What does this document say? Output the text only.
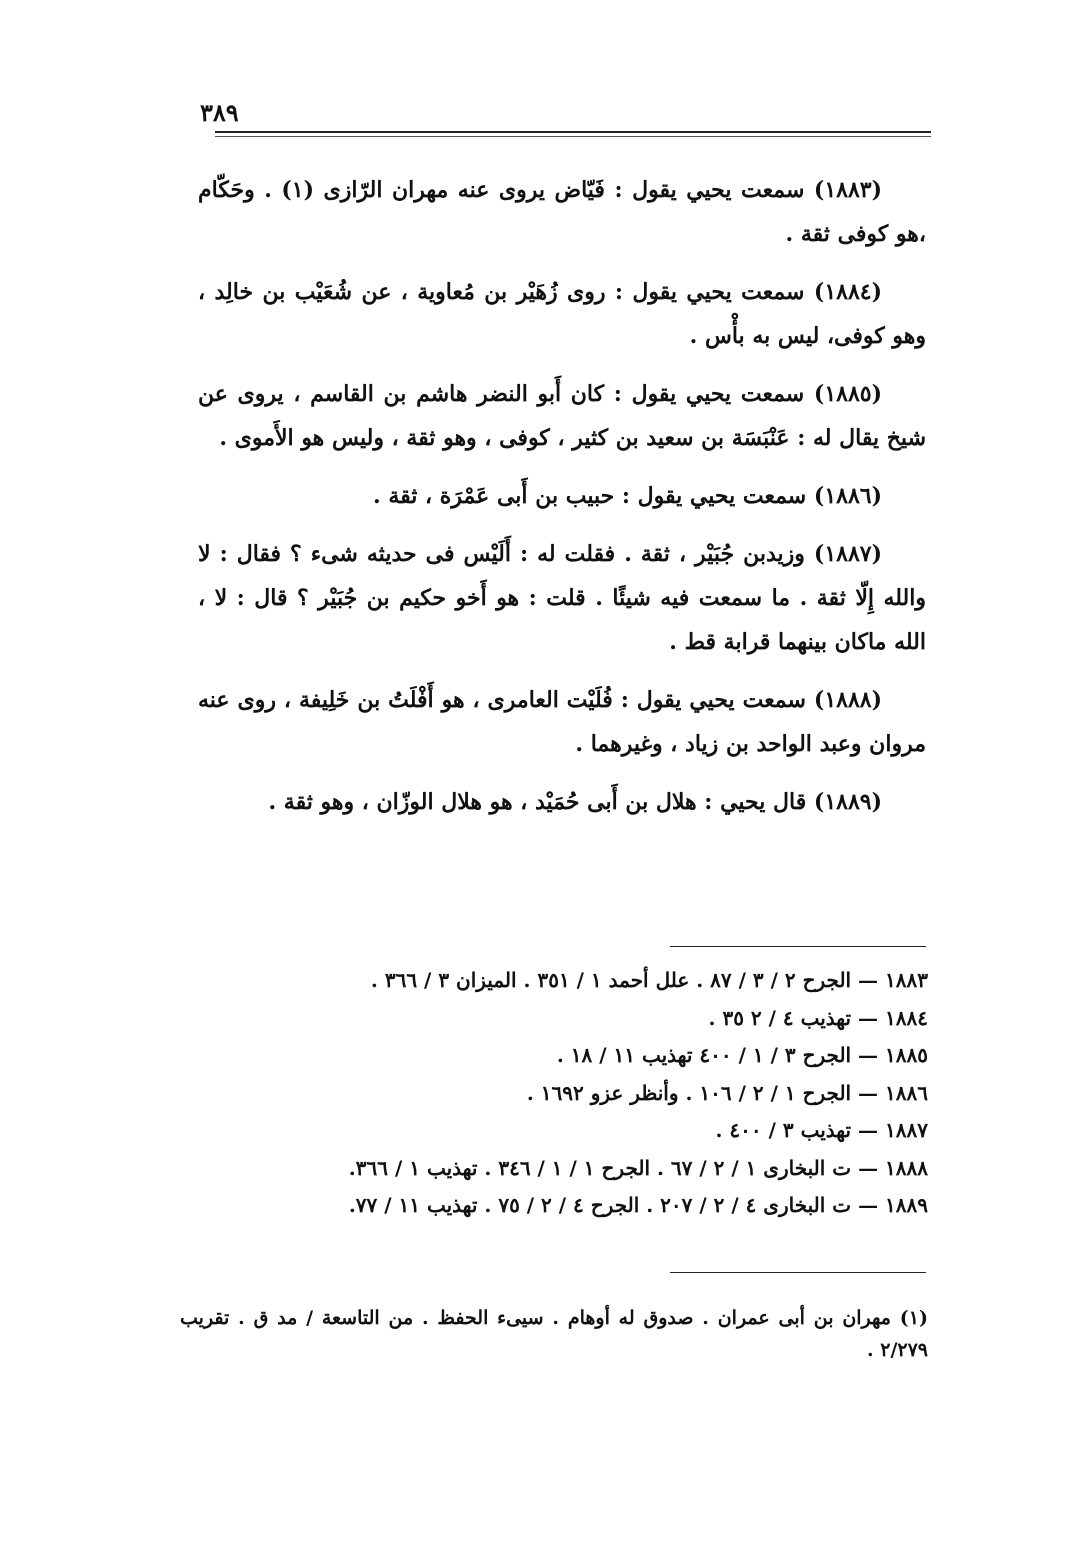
٣٨٩

(١٨٨٣) سمعت يحيي يقول : فَيّاض يروى عنه مهران الرّازى (١) . وحَكّام ،هو كوفى ثقة .

(١٨٨٤) سمعت يحيي يقول : روى زُهَيْر بن مُعاوية ، عن شُعَيْب بن خالِد ، وهو كوفى، ليس به بأْس .

(١٨٨٥) سمعت يحيي يقول : كان أَبو النضر هاشم بن القاسم ، يروى عن شيخ يقال له : عَنْبَسَة بن سعيد بن كثير ، كوفى ، وهو ثقة ، وليس هو الأَموى .

(١٨٨٦) سمعت يحيي يقول : حبيب بن أَبى عَمْرَة ، ثقة .

(١٨٨٧) وزيدبن جُبَيْر ، ثقة . فقلت له : أَلَيْس فى حديثه شىء ؟ فقال : لا والله إِلّا ثقة . ما سمعت فيه شيئًا . قلت : هو أَخو حكيم بن جُبَيْر ؟ قال : لا ، الله ماكان بينهما قرابة قط .

(١٨٨٨) سمعت يحيي يقول : فُلَيْت العامرى ، هو أَفْلَتُ بن خَلِيفة ، روى عنه مروان وعبد الواحد بن زياد ، وغيرهما .

(١٨٨٩) قال يحيي : هلال بن أَبى حُمَيْد ، هو هلال الوزّان ، وهو ثقة .

١٨٨٣ — الجرح ٢ / ٣ / ٨٧ . علل أحمد ١ / ٣٥١ . الميزان ٣ / ٣٦٦ .
١٨٨٤ — تهذيب ٤ / ٢ ٣٥ .
١٨٨٥ — الجرح ٣ / ١ / ٤٠٠ تهذيب ١١ / ١٨ .
١٨٨٦ — الجرح ١ / ٢ / ١٠٦ . وأنظر عزو ١٦٩٢ .
١٨٨٧ — تهذيب ٣ / ٤٠٠ .
١٨٨٨ — ت البخارى ١ / ٢ / ٦٧ . الجرح ١ / ١ / ٣٤٦ . تهذيب ١ / ٣٦٦.
١٨٨٩ — ت البخارى ٤ / ٢ / ٢٠٧ . الجرح ٤ / ٢ / ٧٥ . تهذيب ١١ / ٧٧.
(١) مهران بن أبى عمران . صدوق له أوهام . سيىء الحفظ . من التاسعة / مد ق . تقريب ٢/٢٧٩ .
